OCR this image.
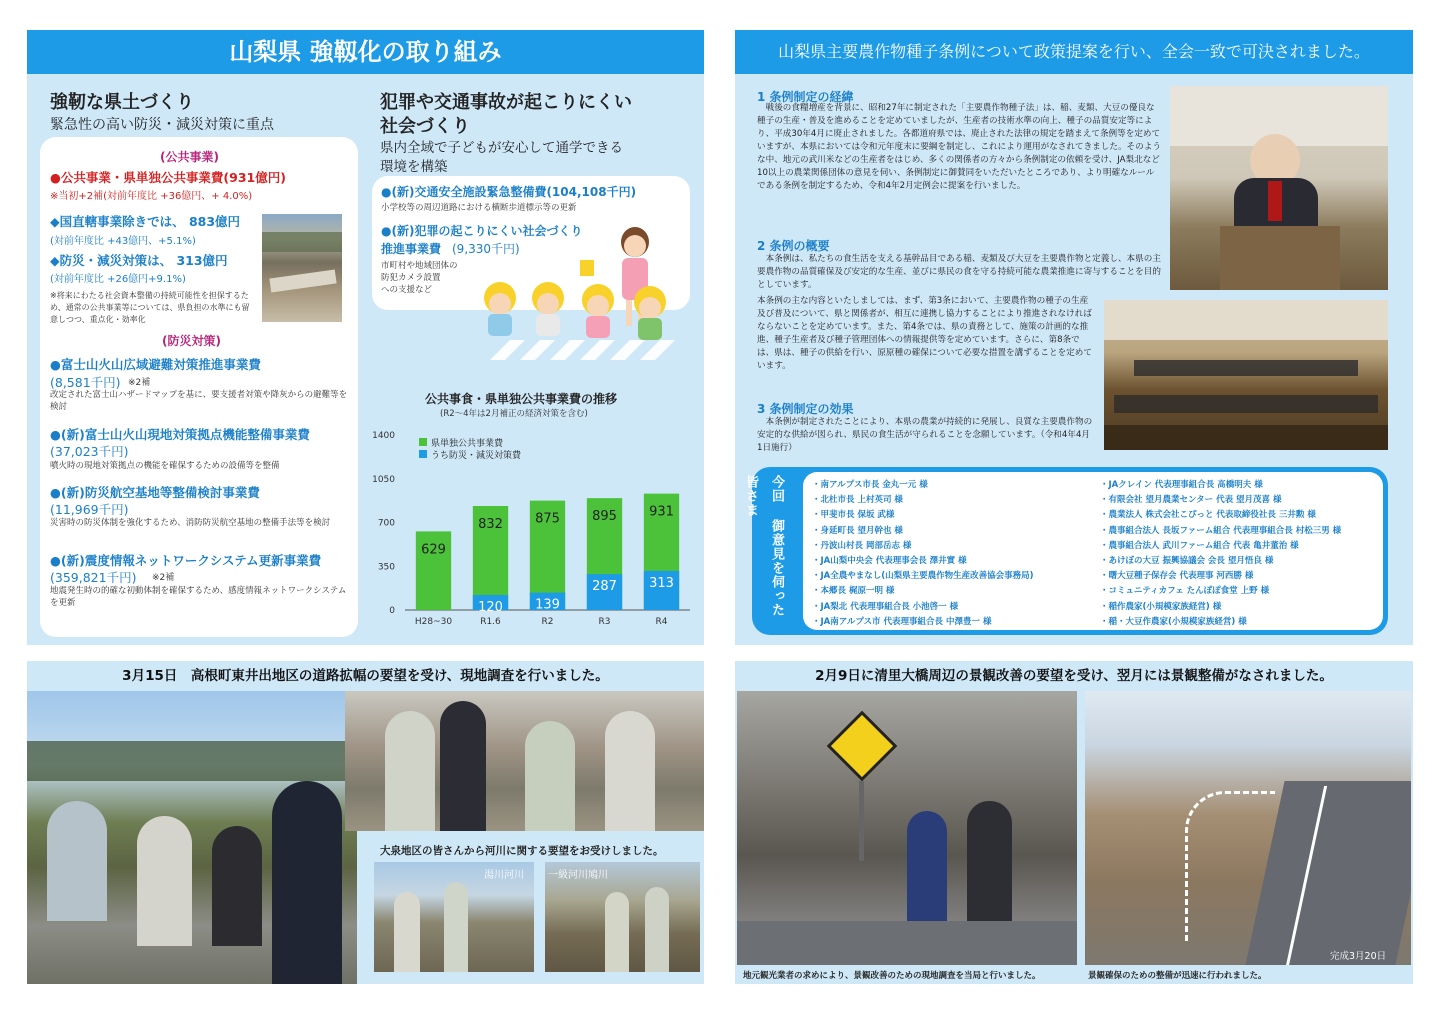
山梨県 強靱化の取り組み
強靭な県土づくり
緊急性の高い防災・減災対策に重点
(公共事業)
●公共事業・県単独公共事業費(931億円)
※当初+2補(対前年度比 +36億円、+ 4.0%)
◆国直轄事業除きでは、 883億円
(対前年度比 +43億円、+5.1%)
◆防災・減災対策は、 313億円
(対前年度比 +26億円+9.1%)
※将来にわたる社会資本整備の持続可能性を担保するため、通常の公共事業等については、県負担の水準にも留意しつつ、重点化・効率化
(防災対策)
●富士山火山広域避難対策推進事業費
(8,581千円) ※2補
改定された富士山ハザードマップを基に、要支援者対策や降灰からの避難等を検討
●(新)富士山火山現地対策拠点機能整備事業費
(37,023千円)
噴火時の現地対策拠点の機能を確保するための設備等を整備
●(新)防災航空基地等整備検討事業費
(11,969千円)
災害時の防災体制を強化するため、消防防災航空基地の整備手法等を検討
●(新)震度情報ネットワークシステム更新事業費
(359,821千円) ※2補
地震発生時の的確な初動体制を確保するため、感度情報ネットワークシステムを更新
犯罪や交通事故が起こりにくい
社会づくり
県内全域で子どもが安心して通学できる
環境を構築
●(新)交通安全施設緊急整備費(104,108千円)
小学校等の周辺道路における横断歩道標示等の更新
●(新)犯罪の起こりにくい社会づくり
推進事業費 (9,330千円)
市町村や地域団体の
防犯カメラ設置
への支援など
公共事食・県単独公共事業費の推移
(R2～4年は2月補正の経済対策を含む)
0
350
700
1050
1400
629
H28~30
832
120
R1.6
875
139
R2
895
287
R3
931
313
R4
県単独公共事業費
うち防災・減災対策費
山梨県主要農作物種子条例について政策提案を行い、全会一致で可決されました。
1 条例制定の経緯
　戦後の食糧増産を背景に、昭和27年に制定された「主要農作物種子法」は、稲、麦類、大豆の優良な種子の生産・普及を進めることを定めていましたが、生産者の技術水準の向上、種子の品質安定等により、平成30年4月に廃止されました。各都道府県では、廃止された法律の規定を踏まえて条例等を定めていますが、本県においては令和元年度末に要綱を制定し、これにより運用がなされてきました。そのような中、地元の武川米などの生産者をはじめ、多くの関係者の方々から条例制定の依頼を受け、JA梨北など10以上の農業関係団体の意見を伺い、条例制定に御賛同をいただいたところであり、より明確なルールである条例を制定するため、令和4年2月定例会に提案を行いました。
2 条例の概要
　本条例は、私たちの食生活を支える基幹品目である稲、麦類及び大豆を主要農作物と定義し、本県の主要農作物の品質確保及び安定的な生産、並びに県民の食を守る持続可能な農業推進に寄与することを目的としています。
本条例の主な内容といたしましては、まず、第3条において、主要農作物の種子の生産及び普及について、県と関係者が、相互に連携し協力することにより推進されなければならないことを定めています。また、第4条では、県の責務として、施策の計画的な推進、種子生産者及び種子管理団体への情報提供等を定めています。さらに、第8条では、県は、種子の供給を行い、原原種の確保について必要な措置を講ずることを定めています。
3 条例制定の効果
　本条例が制定されたことにより、本県の農業が持続的に発展し、良質な主要農作物の安定的な供給が図られ、県民の食生活が守られることを念願しています。（令和4年4月1日施行）
今回 御意見を伺った皆さま	・南アルプス市長 金丸一元 様
・北杜市長 上村英司 様
・甲斐市長 保坂 武様
・身延町長 望月幹也 様
・丹波山村長 岡部岳志 様
・JA山梨中央会 代表理事会長 澤井實 様
・JA全農やまなし(山梨県主要農作物生産改善協会事務局)
・本郷長 梶原一明 様
・JA梨北 代表理事組合長 小池啓一 様
・JA南アルプス市 代表理事組合長 中澤豊一 様
・JAクレイン 代表理事組合長 髙橋明夫 様
・有限会社 望月農業センター 代表 望月茂喜 様
・農業法人 株式会社こぴっと 代表取締役社長 三井勲 様
・農事組合法人 長坂ファーム組合 代表理事組合長 村松三男 様
・農事組合法人 武川ファーム組合 代表 亀井董治 様
・あけぼの大豆 振興協議会 会長 望月悟良 様
・曙大豆種子保存会 代表理事 河西勝 様
・コミュニティカフェ たんぽぽ食堂 上野 様
・稲作農家(小規模家族経営) 様
・稲・大豆作農家(小規模家族経営) 様
3月15日　高根町東井出地区の道路拡幅の要望を受け、現地調査を行いました。
大泉地区の皆さんから河川に関する要望をお受けしました。
湯川河川 一級河川鳩川
2月9日に清里大橋周辺の景観改善の要望を受け、翌月には景観整備がなされました。
完成3月20日
地元観光業者の求めにより、景観改善のための現地調査を当局と行いました。	景観確保のための整備が迅速に行われました。
